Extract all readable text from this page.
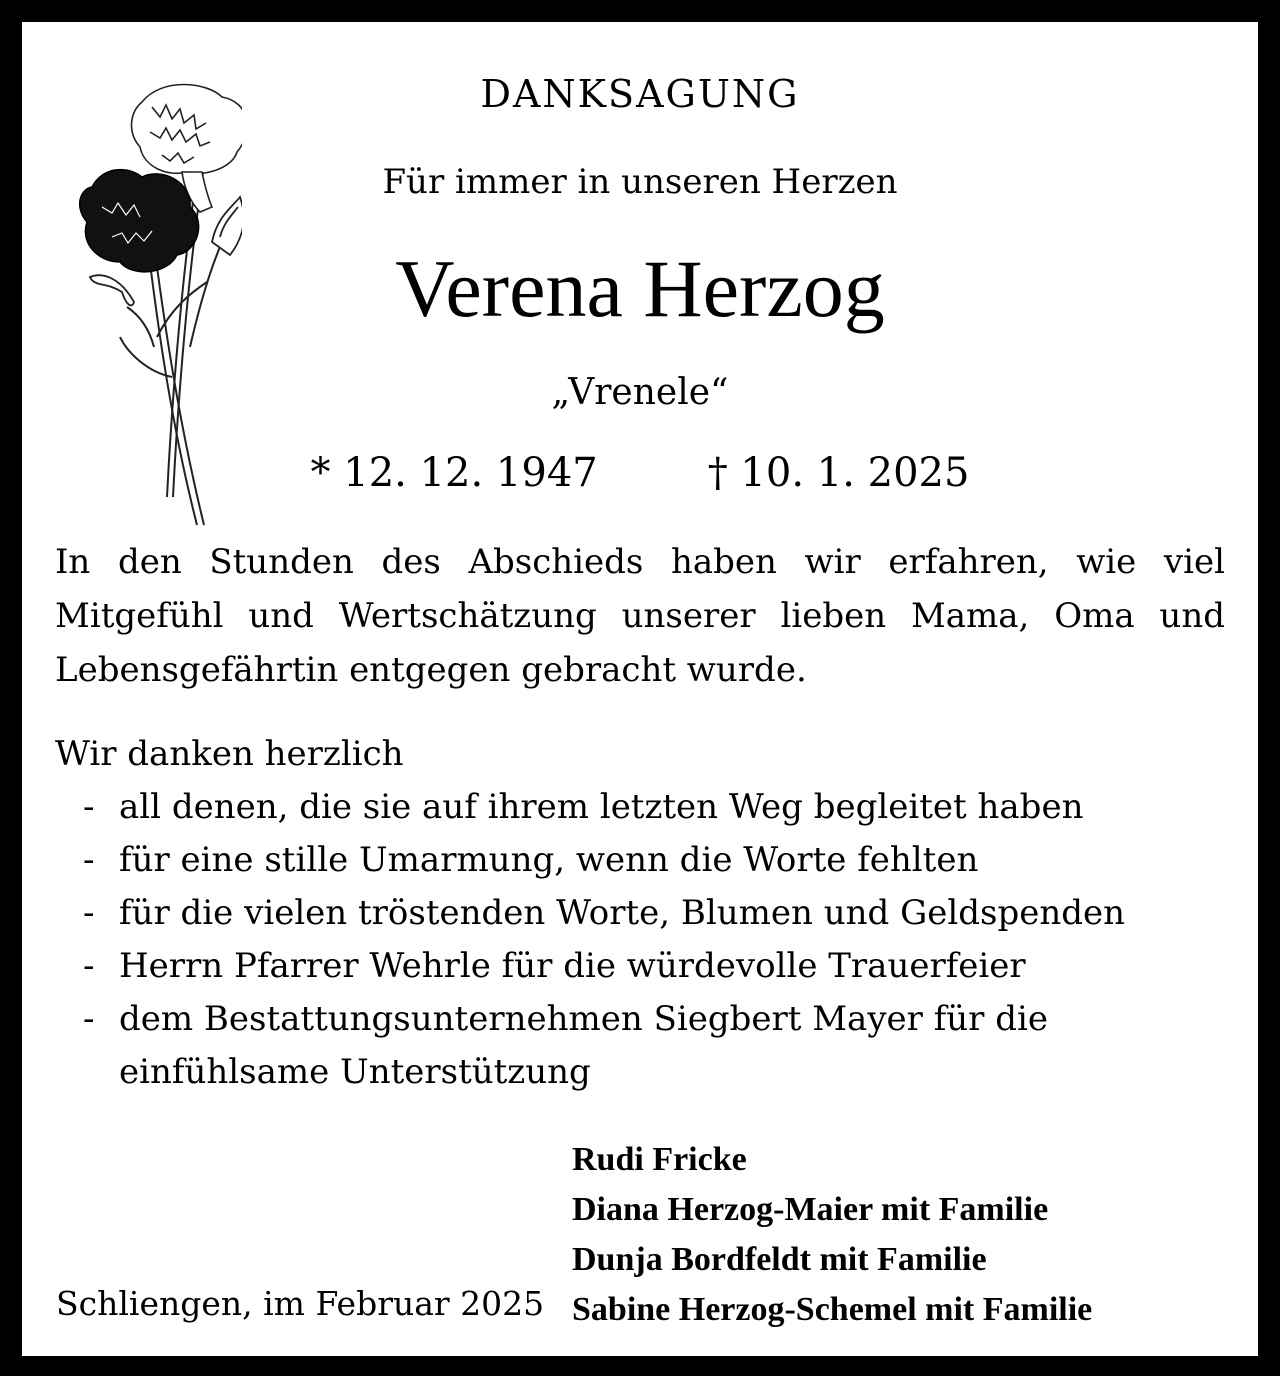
DANKSAGUNG
Für immer in unseren Herzen
Verena Herzog
„Vrenele“
* 12. 12. 1947	† 10. 1. 2025
In den Stunden des Abschieds haben wir erfahren, wie viel
Mitgefühl und Wertschätzung unserer lieben Mama, Oma und
Lebensgefährtin entgegen gebracht wurde.
Wir danken herzlich
- all denen, die sie auf ihrem letzten Weg begleitet haben
- für eine stille Umarmung, wenn die Worte fehlten
- für die vielen tröstenden Worte, Blumen und Geldspenden
- Herrn Pfarrer Wehrle für die würdevolle Trauerfeier
- dem Bestattungsunternehmen Siegbert Mayer für die
einfühlsame Unterstützung
Rudi Fricke
Diana Herzog-Maier mit Familie
Dunja Bordfeldt mit Familie
Sabine Herzog-Schemel mit Familie
Schliengen, im Februar 2025
